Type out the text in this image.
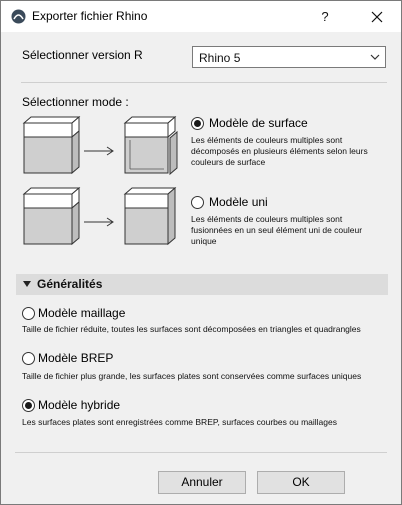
Exporter fichier Rhino	?
Sélectionner version R	Rhino 5
Sélectionner mode :
Modèle de surface
Les éléments de couleurs multiples sont
décomposés en plusieurs éléments selon leurs
couleurs de surface
Modèle uni
Les éléments de couleurs multiples sont
fusionnées en un seul élément uni de couleur
unique
Généralités
Modèle maillage
Taille de fichier réduite, toutes les surfaces sont décomposées en triangles et quadrangles
Modèle BREP
Taille de fichier plus grande, les surfaces plates sont conservées comme surfaces uniques
Modèle hybride
Les surfaces plates sont enregistrées comme BREP, surfaces courbes ou maillages
Annuler	OK
